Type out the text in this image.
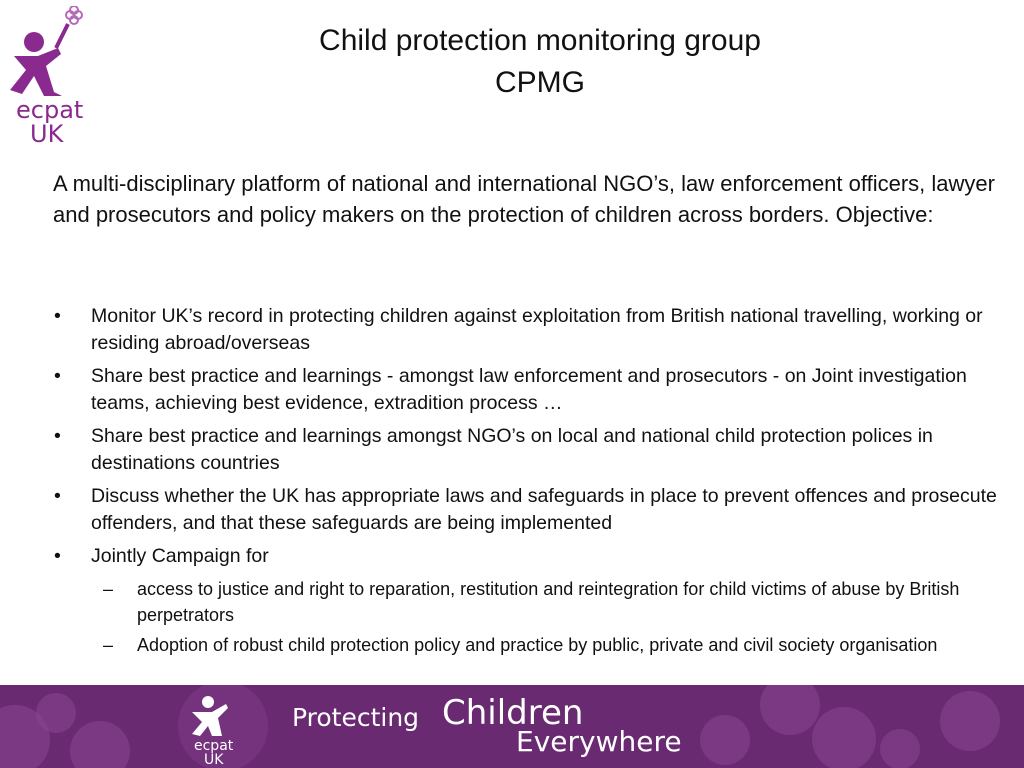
ecpat
UK
Child protection monitoring group
CPMG
A multi-disciplinary platform of national and international NGO’s, law enforcement officers, lawyer and prosecutors and policy makers on the protection of children across borders. Objective:
• Monitor UK’s record in protecting children against exploitation from British national travelling, working or residing abroad/overseas
• Share best practice and learnings - amongst law enforcement and prosecutors - on Joint investigation teams, achieving best evidence, extradition process …
• Share best practice and learnings amongst NGO’s on local and national child protection polices in destinations countries
• Discuss whether the UK has appropriate laws and safeguards in place to prevent offences and prosecute offenders, and that these safeguards are being implemented
• Jointly Campaign for
– access to justice and right to reparation, restitution and reintegration for child victims of abuse by British perpetrators
– Adoption of robust child protection policy and practice by public, private and civil society organisation
ecpat
UK
Protecting Children
Everywhere
